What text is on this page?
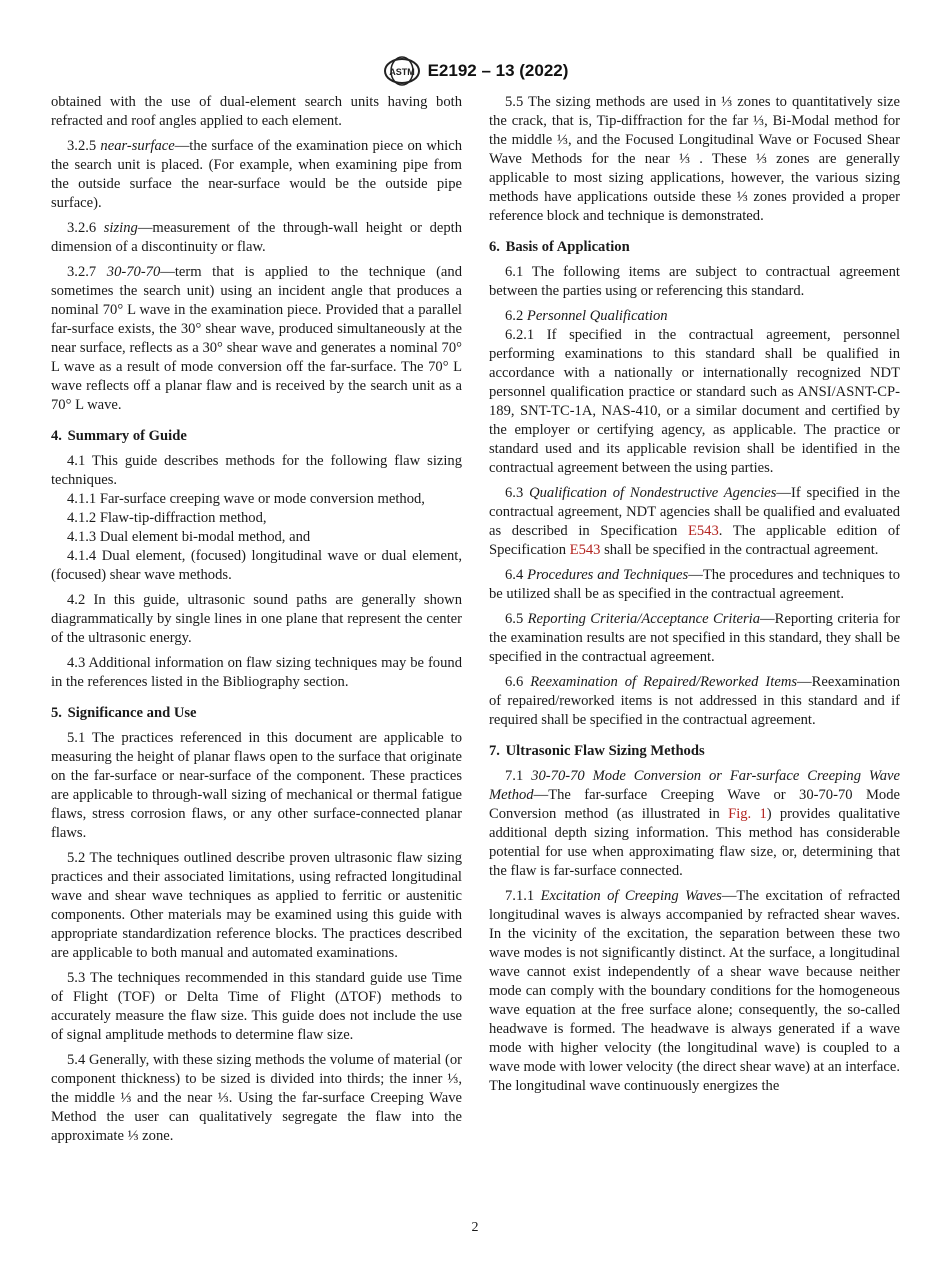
ASTM E2192 – 13 (2022)

obtained with the use of dual-element search units having both refracted and roof angles applied to each element.

3.2.5 near-surface—the surface of the examination piece on which the search unit is placed. (For example, when examining pipe from the outside surface the near-surface would be the outside pipe surface).

3.2.6 sizing—measurement of the through-wall height or depth dimension of a discontinuity or flaw.

3.2.7 30-70-70—term that is applied to the technique (and sometimes the search unit) using an incident angle that produces a nominal 70° L wave in the examination piece. Provided that a parallel far-surface exists, the 30° shear wave, produced simultaneously at the near surface, reflects as a 30° shear wave and generates a nominal 70° L wave as a result of mode conversion off the far-surface. The 70° L wave reflects off a planar flaw and is received by the search unit as a 70° L wave.

4. Summary of Guide

4.1 This guide describes methods for the following flaw sizing techniques.

4.1.1 Far-surface creeping wave or mode conversion method,

4.1.2 Flaw-tip-diffraction method,

4.1.3 Dual element bi-modal method, and

4.1.4 Dual element, (focused) longitudinal wave or dual element, (focused) shear wave methods.

4.2 In this guide, ultrasonic sound paths are generally shown diagrammatically by single lines in one plane that represent the center of the ultrasonic energy.

4.3 Additional information on flaw sizing techniques may be found in the references listed in the Bibliography section.

5. Significance and Use

5.1 The practices referenced in this document are applicable to measuring the height of planar flaws open to the surface that originate on the far-surface or near-surface of the component. These practices are applicable to through-wall sizing of mechanical or thermal fatigue flaws, stress corrosion flaws, or any other surface-connected planar flaws.

5.2 The techniques outlined describe proven ultrasonic flaw sizing practices and their associated limitations, using refracted longitudinal wave and shear wave techniques as applied to ferritic or austenitic components. Other materials may be examined using this guide with appropriate standardization reference blocks. The practices described are applicable to both manual and automated examinations.

5.3 The techniques recommended in this standard guide use Time of Flight (TOF) or Delta Time of Flight (ΔTOF) methods to accurately measure the flaw size. This guide does not include the use of signal amplitude methods to determine flaw size.

5.4 Generally, with these sizing methods the volume of material (or component thickness) to be sized is divided into thirds; the inner ⅓, the middle ⅓ and the near ⅓. Using the far-surface Creeping Wave Method the user can qualitatively segregate the flaw into the approximate ⅓ zone.

5.5 The sizing methods are used in ⅓ zones to quantitatively size the crack, that is, Tip-diffraction for the far ⅓, Bi-Modal method for the middle ⅓, and the Focused Longitudinal Wave or Focused Shear Wave Methods for the near ⅓ . These ⅓ zones are generally applicable to most sizing applications, however, the various sizing methods have applications outside these ⅓ zones provided a proper reference block and technique is demonstrated.

6. Basis of Application

6.1 The following items are subject to contractual agreement between the parties using or referencing this standard.

6.2 Personnel Qualification

6.2.1 If specified in the contractual agreement, personnel performing examinations to this standard shall be qualified in accordance with a nationally or internationally recognized NDT personnel qualification practice or standard such as ANSI/ASNT-CP-189, SNT-TC-1A, NAS-410, or a similar document and certified by the employer or certifying agency, as applicable. The practice or standard used and its applicable revision shall be identified in the contractual agreement between the using parties.

6.3 Qualification of Nondestructive Agencies—If specified in the contractual agreement, NDT agencies shall be qualified and evaluated as described in Specification E543. The applicable edition of Specification E543 shall be specified in the contractual agreement.

6.4 Procedures and Techniques—The procedures and techniques to be utilized shall be as specified in the contractual agreement.

6.5 Reporting Criteria/Acceptance Criteria—Reporting criteria for the examination results are not specified in this standard, they shall be specified in the contractual agreement.

6.6 Reexamination of Repaired/Reworked Items—Reexamination of repaired/reworked items is not addressed in this standard and if required shall be specified in the contractual agreement.

7. Ultrasonic Flaw Sizing Methods

7.1 30-70-70 Mode Conversion or Far-surface Creeping Wave Method—The far-surface Creeping Wave or 30-70-70 Mode Conversion method (as illustrated in Fig. 1) provides qualitative additional depth sizing information. This method has considerable potential for use when approximating flaw size, or, determining that the flaw is far-surface connected.

7.1.1 Excitation of Creeping Waves—The excitation of refracted longitudinal waves is always accompanied by refracted shear waves. In the vicinity of the excitation, the separation between these two wave modes is not significantly distinct. At the surface, a longitudinal wave cannot exist independently of a shear wave because neither mode can comply with the boundary conditions for the homogeneous wave equation at the free surface alone; consequently, the so-called headwave is formed. The headwave is always generated if a wave mode with higher velocity (the longitudinal wave) is coupled to a wave mode with lower velocity (the direct shear wave) at an interface. The longitudinal wave continuously energizes the

2
